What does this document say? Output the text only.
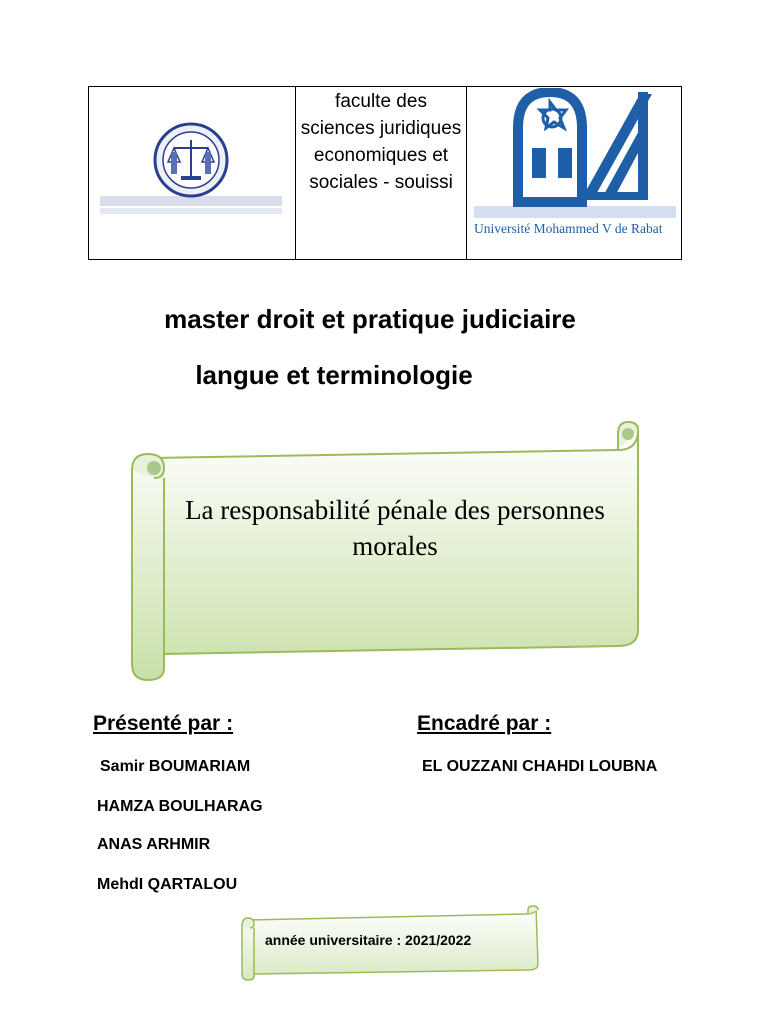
faculte des sciences juridiques economiques et sociales - souissi
Université Mohammed V de Rabat
master droit et pratique judiciaire
langue et terminologie
La responsabilité pénale des personnes morales
Présenté par :
Samir BOUMARIAM
HAMZA BOULHARAG
ANAS ARHMIR
MehdI QARTALOU
Encadré par :
EL OUZZANI CHAHDI LOUBNA
année universitaire : 2021/2022
